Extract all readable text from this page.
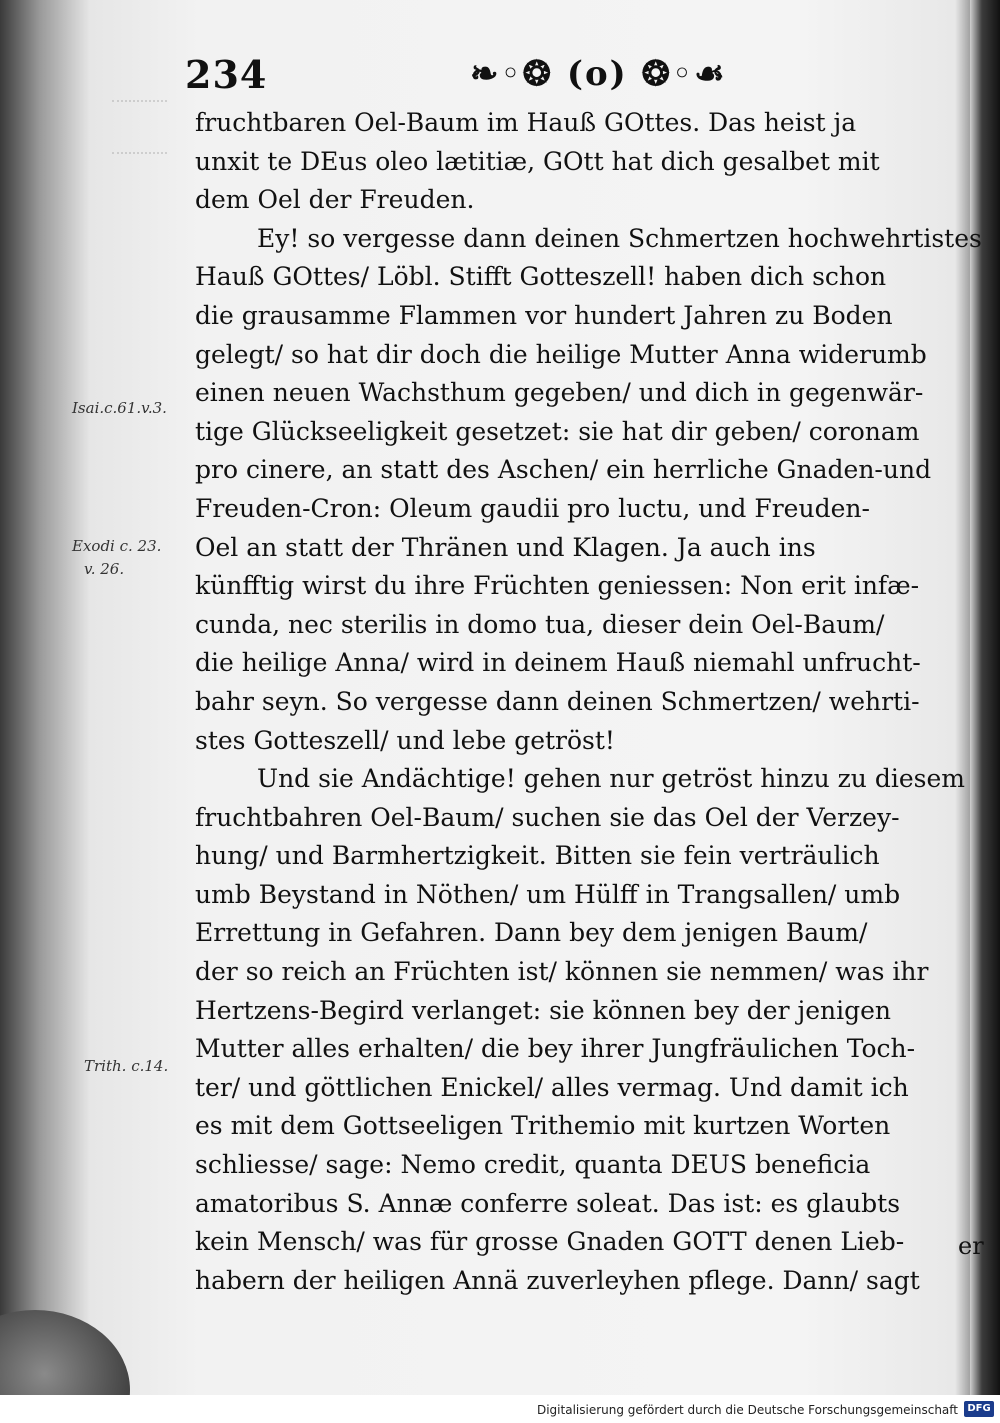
234	❧◦❂ (o) ❂◦☙
Isai.c.61.v.3.
Exodi c. 23.
v. 26.
Trith. c.14.
fruchtbaren Oel-Baum im Hauß GOttes. Das heist ja
unxit te DEus oleo lætitiæ, GOtt hat dich gesalbet mit
dem Oel der Freuden.
Ey! so vergesse dann deinen Schmertzen hochwehrtistes
Hauß GOttes/ Löbl. Stifft Gotteszell! haben dich schon
die grausamme Flammen vor hundert Jahren zu Boden
gelegt/ so hat dir doch die heilige Mutter Anna widerumb
einen neuen Wachsthum gegeben/ und dich in gegenwär-
tige Glückseeligkeit gesetzet: sie hat dir geben/ coronam
pro cinere, an statt des Aschen/ ein herrliche Gnaden-und
Freuden-Cron: Oleum gaudii pro luctu, und Freuden-
Oel an statt der Thränen und Klagen. Ja auch ins
künfftig wirst du ihre Früchten geniessen: Non erit infæ-
cunda, nec sterilis in domo tua, dieser dein Oel-Baum/
die heilige Anna/ wird in deinem Hauß niemahl unfrucht-
bahr seyn. So vergesse dann deinen Schmertzen/ wehrti-
stes Gotteszell/ und lebe getröst!
Und sie Andächtige! gehen nur getröst hinzu zu diesem
fruchtbahren Oel-Baum/ suchen sie das Oel der Verzey-
hung/ und Barmhertzigkeit. Bitten sie fein verträulich
umb Beystand in Nöthen/ um Hülff in Trangsallen/ umb
Errettung in Gefahren. Dann bey dem jenigen Baum/
der so reich an Früchten ist/ können sie nemmen/ was ihr
Hertzens-Begird verlanget: sie können bey der jenigen
Mutter alles erhalten/ die bey ihrer Jungfräulichen Toch-
ter/ und göttlichen Enickel/ alles vermag. Und damit ich
es mit dem Gottseeligen Trithemio mit kurtzen Worten
schliesse/ sage: Nemo credit, quanta DEUS beneficia
amatoribus S. Annæ conferre soleat. Das ist: es glaubts
kein Mensch/ was für grosse Gnaden GOTT denen Lieb-
habern der heiligen Annä zuverleyhen pflege. Dann/ sagt
er
Digitalisierung gefördert durch die Deutsche Forschungsgemeinschaft DFG
